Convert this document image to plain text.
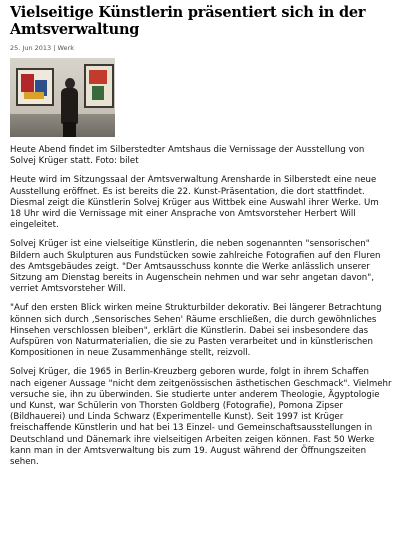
Vielseitige Künstlerin präsentiert sich in der Amtsverwaltung
25. Jun 2013 | Werk

Heute Abend findet im Silberstedter Amtshaus die Vernissage der Ausstellung von Solvej Krüger statt. Foto: bilet

Heute wird im Sitzungssaal der Amtsverwaltung Arensharde in Silberstedt eine neue Ausstellung eröffnet. Es ist bereits die 22. Kunst-Präsentation, die dort stattfindet. Diesmal zeigt die Künstlerin Solvej Krüger aus Wittbek eine Auswahl ihrer Werke. Um 18 Uhr wird die Vernissage mit einer Ansprache von Amtsvorsteher Herbert Will eingeleitet.

Solvej Krüger ist eine vielseitige Künstlerin, die neben sogenannten "sensorischen" Bildern auch Skulpturen aus Fundstücken sowie zahlreiche Fotografien auf den Fluren des Amtsgebäudes zeigt. "Der Amtsausschuss konnte die Werke anlässlich unserer Sitzung am Dienstag bereits in Augenschein nehmen und war sehr angetan davon", verriet Amtsvorsteher Will.

"Auf den ersten Blick wirken meine Strukturbilder dekorativ. Bei längerer Betrachtung können sich durch ‚Sensorisches Sehen' Räume erschließen, die durch gewöhnliches Hinsehen verschlossen bleiben", erklärt die Künstlerin. Dabei sei insbesondere das Aufspüren von Naturmaterialien, die sie zu Pasten verarbeitet und in künstlerischen Kompositionen in neue Zusammenhänge stellt, reizvoll.

Solvej Krüger, die 1965 in Berlin-Kreuzberg geboren wurde, folgt in ihrem Schaffen nach eigener Aussage "nicht dem zeitgenössischen ästhetischen Geschmack". Vielmehr versuche sie, ihn zu überwinden. Sie studierte unter anderem Theologie, Ägyptologie und Kunst, war Schülerin von Thorsten Goldberg (Fotografie), Pomona Zipser (Bildhauerei) und Linda Schwarz (Experimentelle Kunst). Seit 1997 ist Krüger freischaffende Künstlerin und hat bei 13 Einzel- und Gemeinschaftsausstellungen in Deutschland und Dänemark ihre vielseitigen Arbeiten zeigen können. Fast 50 Werke kann man in der Amtsverwaltung bis zum 19. August während der Öffnungszeiten sehen.
